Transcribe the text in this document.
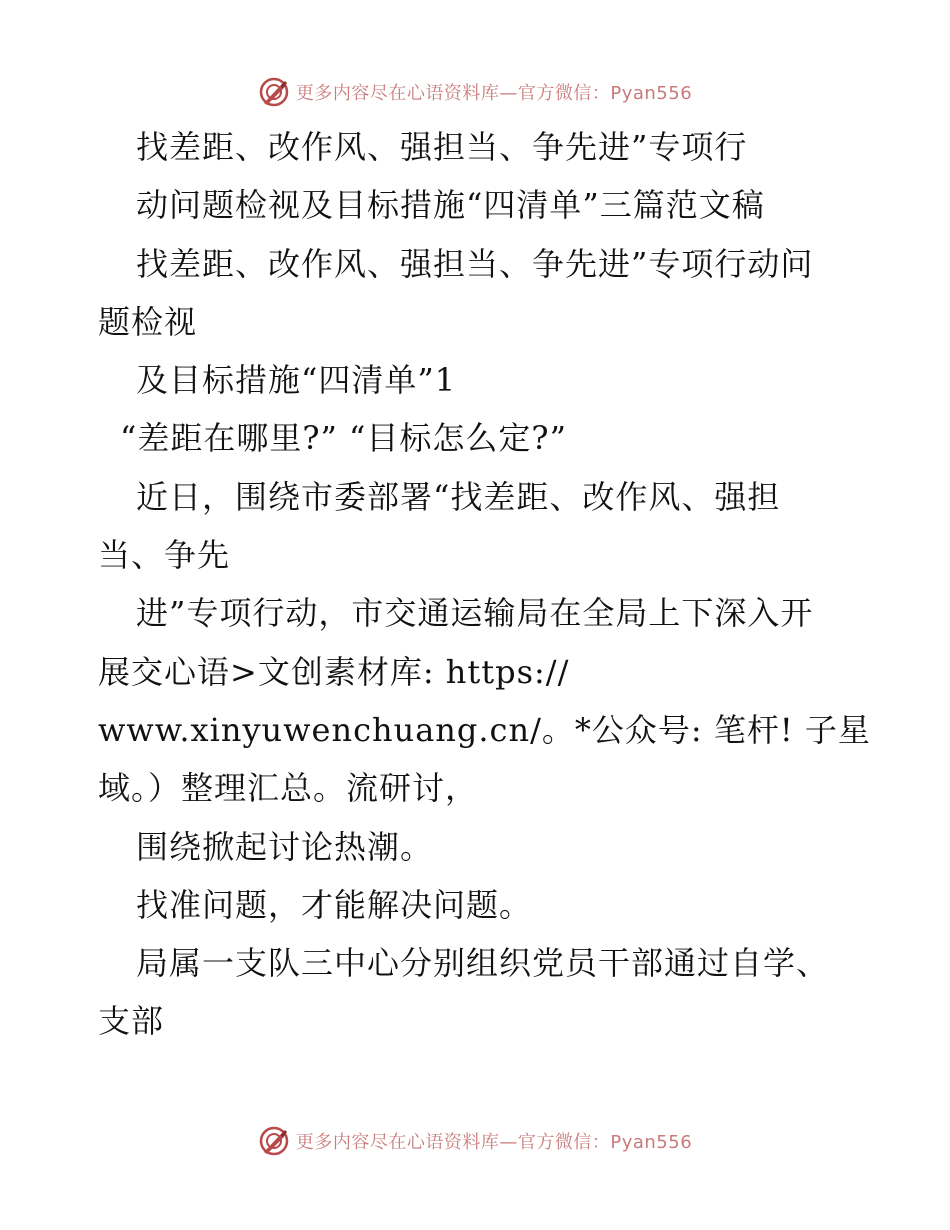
更多内容尽在心语资料库—官方微信：Pyan556
找差距、改作风、强担当、争先进”专项行
动问题检视及目标措施“四清单”三篇范文稿
找差距、改作风、强担当、争先进”专项行动问
题检视
及目标措施“四清单”1
“差距在哪里?” “目标怎么定?”
近日，围绕市委部署“找差距、改作风、强担
当、争先
进”专项行动，市交通运输局在全局上下深入开
展交心语>文创素材库: https://
www.xinyuwenchuang.cn/。*公众号: 笔杆! 子星
域。）整理汇总。流研讨，
围绕掀起讨论热潮。
找准问题，才能解决问题。
局属一支队三中心分别组织党员干部通过自学、
支部
更多内容尽在心语资料库—官方微信：Pyan556
